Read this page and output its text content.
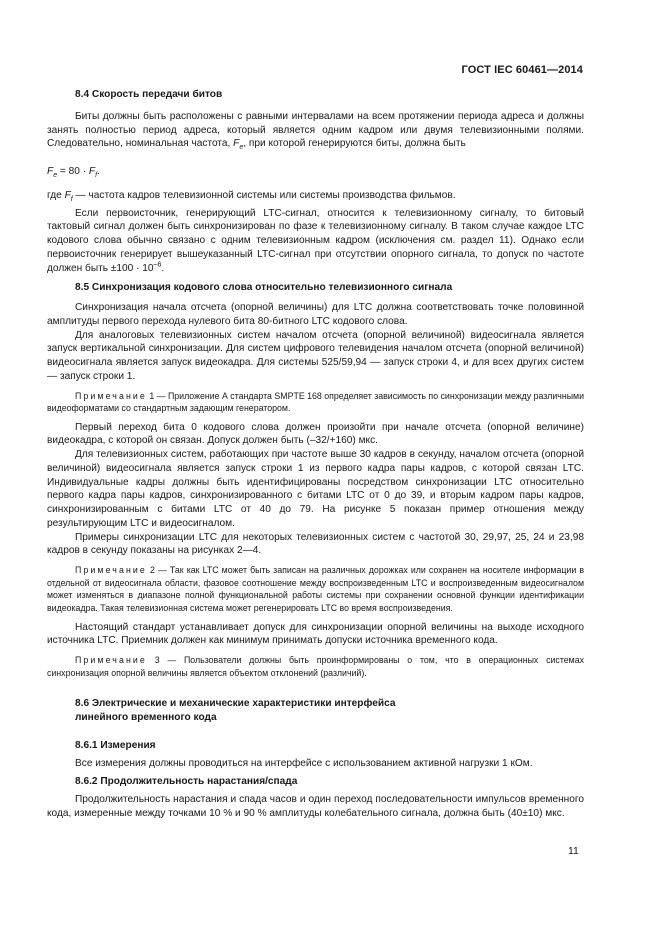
ГОСТ IEC 60461—2014

8.4 Скорость передачи битов

Биты должны быть расположены с равными интервалами на всем протяжении периода адреса и должны занять полностью период адреса, который является одним кадром или двумя телевизионными полями. Следовательно, номинальная частота, $F_e$, при которой генерируются биты, должна быть

$F_e = 80 \cdot F_f$.

где $F_f$ — частота кадров телевизионной системы или системы производства фильмов.

Если первоисточник, генерирующий LTC-сигнал, относится к телевизионному сигналу, то битовый тактовый сигнал должен быть синхронизирован по фазе к телевизионному сигналу. В таком случае каждое LTC кодового слова обычно связано с одним телевизионным кадром (исключения см. раздел 11). Однако если первоисточник генерирует вышеуказанный LTC-сигнал при отсутствии опорного сигнала, то допуск по частоте должен быть $\pm 100 \cdot 10^{-6}$.

8.5 Синхронизация кодового слова относительно телевизионного сигнала

Синхронизация начала отсчета (опорной величины) для LTC должна соответствовать точке половинной амплитуды первого перехода нулевого бита 80-битного LTC кодового слова.

Для аналоговых телевизионных систем началом отсчета (опорной величиной) видеосигнала является запуск вертикальной синхронизации. Для систем цифрового телевидения началом отсчета (опорной величиной) видеосигнала является запуск видеокадра. Для системы 525/59,94 — запуск строки 4, и для всех других систем — запуск строки 1.

Примечание 1 — Приложение А стандарта SMPTE 168 определяет зависимость по синхронизации между различными видеоформатами со стандартным задающим генератором.

Первый переход бита 0 кодового слова должен произойти при начале отсчета (опорной величине) видеокадра, с которой он связан. Допуск должен быть (–32/+160) мкс.

Для телевизионных систем, работающих при частоте выше 30 кадров в секунду, началом отсчета (опорной величиной) видеосигнала является запуск строки 1 из первого кадра пары кадров, с которой связан LTC. Индивидуальные кадры должны быть идентифицированы посредством синхронизации LTC относительно первого кадра пары кадров, синхронизированного с битами LTC от 0 до 39, и вторым кадром пары кадров, синхронизированным с битами LTC от 40 до 79. На рисунке 5 показан пример отношения между результирующим LTC и видеосигналом.

Примеры синхронизации LTC для некоторых телевизионных систем с частотой 30, 29,97, 25, 24 и 23,98 кадров в секунду показаны на рисунках 2—4.

Примечание 2 — Так как LTC может быть записан на различных дорожках или сохранен на носителе информации в отдельной от видеосигнала области, фазовое соотношение между воспроизведенным LTC и воспроизведенным видеосигналом может изменяться в диапазоне полной функциональной работы системы при сохранении основной функции идентификации видеокадра. Такая телевизионная система может регенерировать LTC во время воспроизведения.

Настоящий стандарт устанавливает допуск для синхронизации опорной величины на выходе исходного источника LTC. Приемник должен как минимум принимать допуски источника временного кода.

Примечание 3 — Пользователи должны быть проинформированы о том, что в операционных системах синхронизация опорной величины является объектом отклонений (различий).

8.6 Электрические и механические характеристики интерфейса

линейного временного кода

8.6.1 Измерения

Все измерения должны проводиться на интерфейсе с использованием активной нагрузки 1 кОм.

8.6.2 Продолжительность нарастания/спада

Продолжительность нарастания и спада часов и один переход последовательности импульсов временного кода, измеренные между точками 10 % и 90 % амплитуды колебательного сигнала, должна быть (40±10) мкс.

11
